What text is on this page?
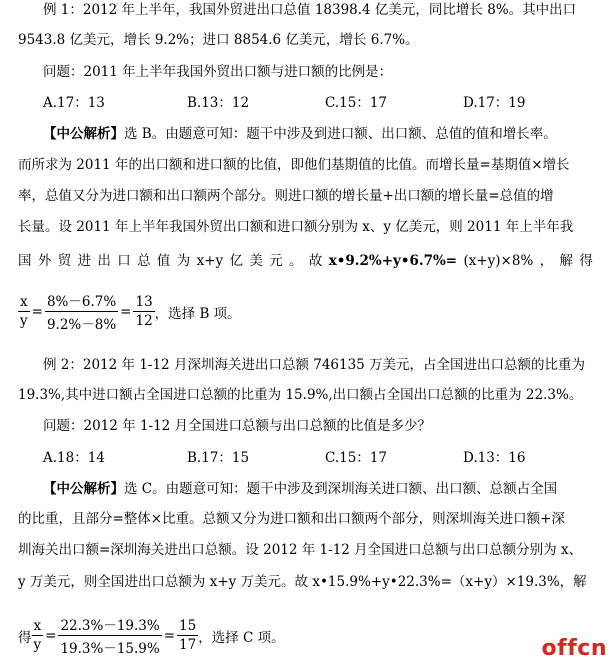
例 1：2012 年上半年，我国外贸进出口总值 18398.4 亿美元，同比增长 8%。其中出口
9543.8 亿美元，增长 9.2%；进口 8854.6 亿美元，增长 6.7%。
问题：2011 年上半年我国外贸出口额与进口额的比例是：
A.17：13	B.13：12	C.15：17	D.17：19
【中公解析】选 B。由题意可知：题干中涉及到进口额、出口额、总值的值和增长率。
而所求为 2011 年的出口额和进口额的比值，即他们基期值的比值。而增长量=基期值×增长
率，总值又分为进口额和出口额两个部分。则进口额的增长量+出口额的增长量=总值的增
长量。设 2011 年上半年我国外贸出口额和进口额分别为 x、y 亿美元，则 2011 年上半年我
国 外 贸 进 出 口 总 值 为 x+y 亿 美 元 。 故 x•9.2%+y•6.7%= (x+y)×8% ， 解 得
$\frac{x}{y} = \frac{8\%-6.7\%}{9.2\%-8\%} = \frac{13}{12}$ ，选择 B 项。
例 2：2012 年 1-12 月深圳海关进出口总额 746135 万美元，占全国进出口总额的比重为
19.3%,其中进口额占全国进口总额的比重为 15.9%,出口额占全国出口总额的比重为 22.3%。
问题：2012 年 1-12 月全国进口总额与出口总额的比值是多少？
A.18：14	B.17：15	C.15：17	D.13：16
【中公解析】选 C。由题意可知：题干中涉及到深圳海关进口额、出口额、总额占全国
的比重，且部分=整体×比重。总额又分为进口额和出口额两个部分，则深圳海关进口额+深
圳海关出口额=深圳海关进出口总额。设 2012 年 1-12 月全国进口总额与出口总额分别为 x、
y 万美元，则全国进出口总额为 x+y 万美元。故 x•15.9%+y•22.3%=（x+y）×19.3%，解
得 $\frac{x}{y} = \frac{22.3\%-19.3\%}{19.3\%-15.9\%} = \frac{15}{17}$ ，选择 C 项。	offcn
